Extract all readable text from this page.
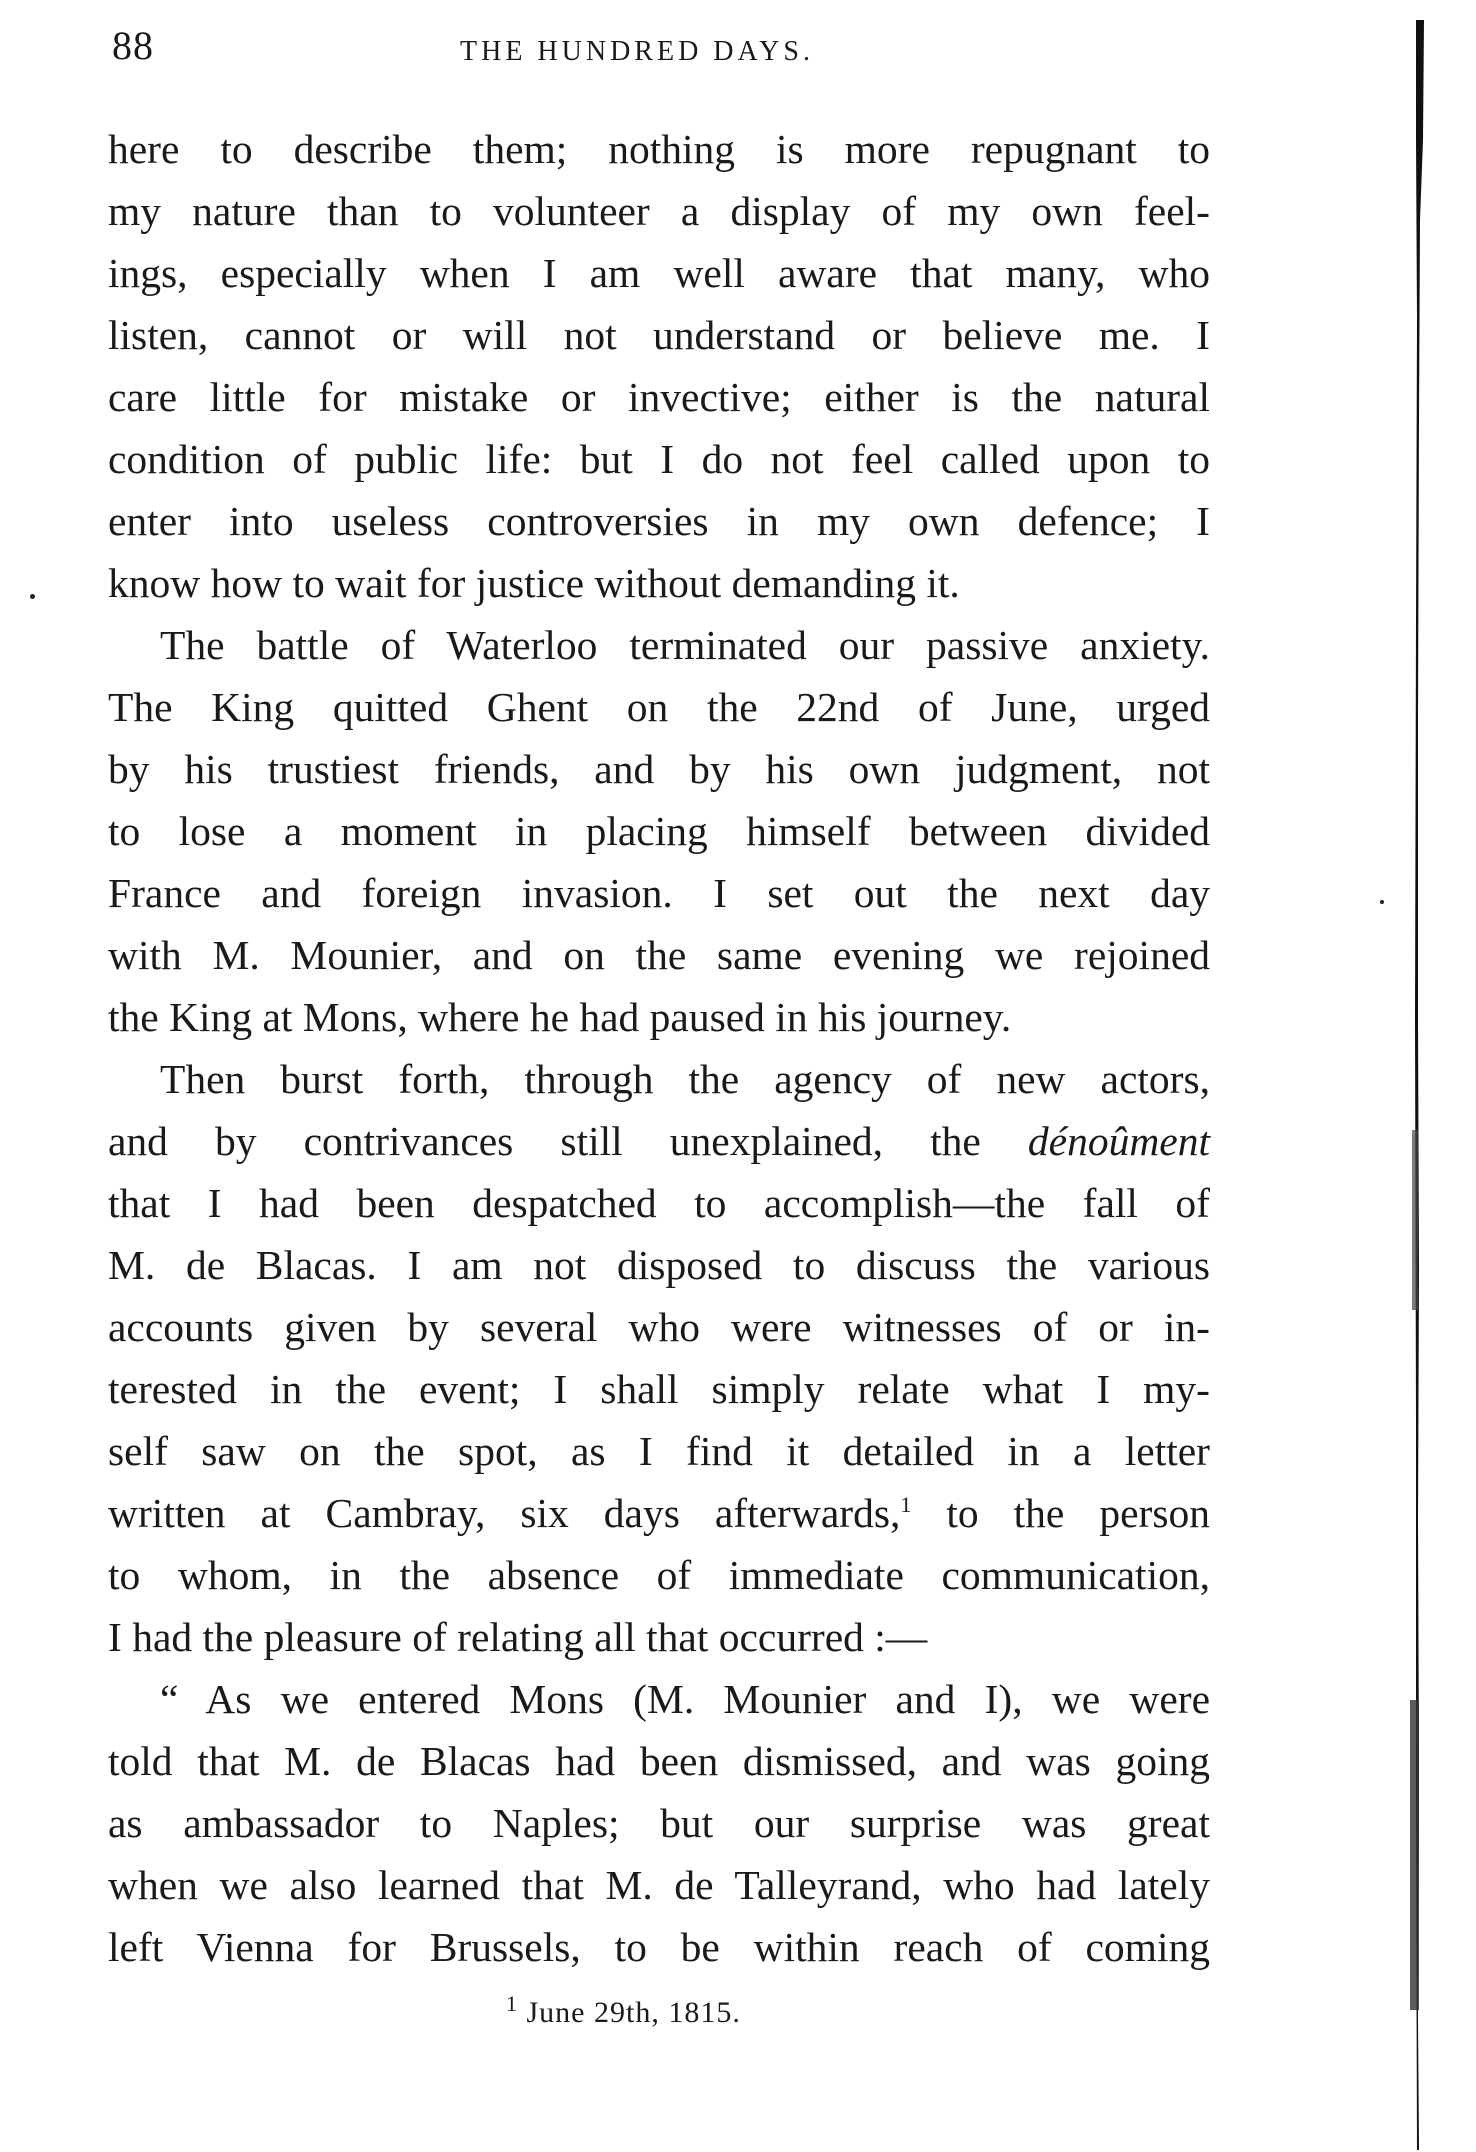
88	THE HUNDRED DAYS.
here to describe them; nothing is more repugnant to
my nature than to volunteer a display of my own feel-
ings, especially when I am well aware that many, who
listen, cannot or will not understand or believe me. I
care little for mistake or invective; either is the natural
condition of public life: but I do not feel called upon to
enter into useless controversies in my own defence; I
know how to wait for justice without demanding it.
The battle of Waterloo terminated our passive anxiety.
The King quitted Ghent on the 22nd of June, urged
by his trustiest friends, and by his own judgment, not
to lose a moment in placing himself between divided
France and foreign invasion. I set out the next day
with M. Mounier, and on the same evening we rejoined
the King at Mons, where he had paused in his journey.
Then burst forth, through the agency of new actors,
and by contrivances still unexplained, the dénoûment
that I had been despatched to accomplish—the fall of
M. de Blacas. I am not disposed to discuss the various
accounts given by several who were witnesses of or in-
terested in the event; I shall simply relate what I my-
self saw on the spot, as I find it detailed in a letter
written at Cambray, six days afterwards,$^1$ to the person
to whom, in the absence of immediate communication,
I had the pleasure of relating all that occurred :—
“ As we entered Mons (M. Mounier and I), we were
told that M. de Blacas had been dismissed, and was going
as ambassador to Naples; but our surprise was great
when we also learned that M. de Talleyrand, who had lately
left Vienna for Brussels, to be within reach of coming
$^1$ June 29th, 1815.
